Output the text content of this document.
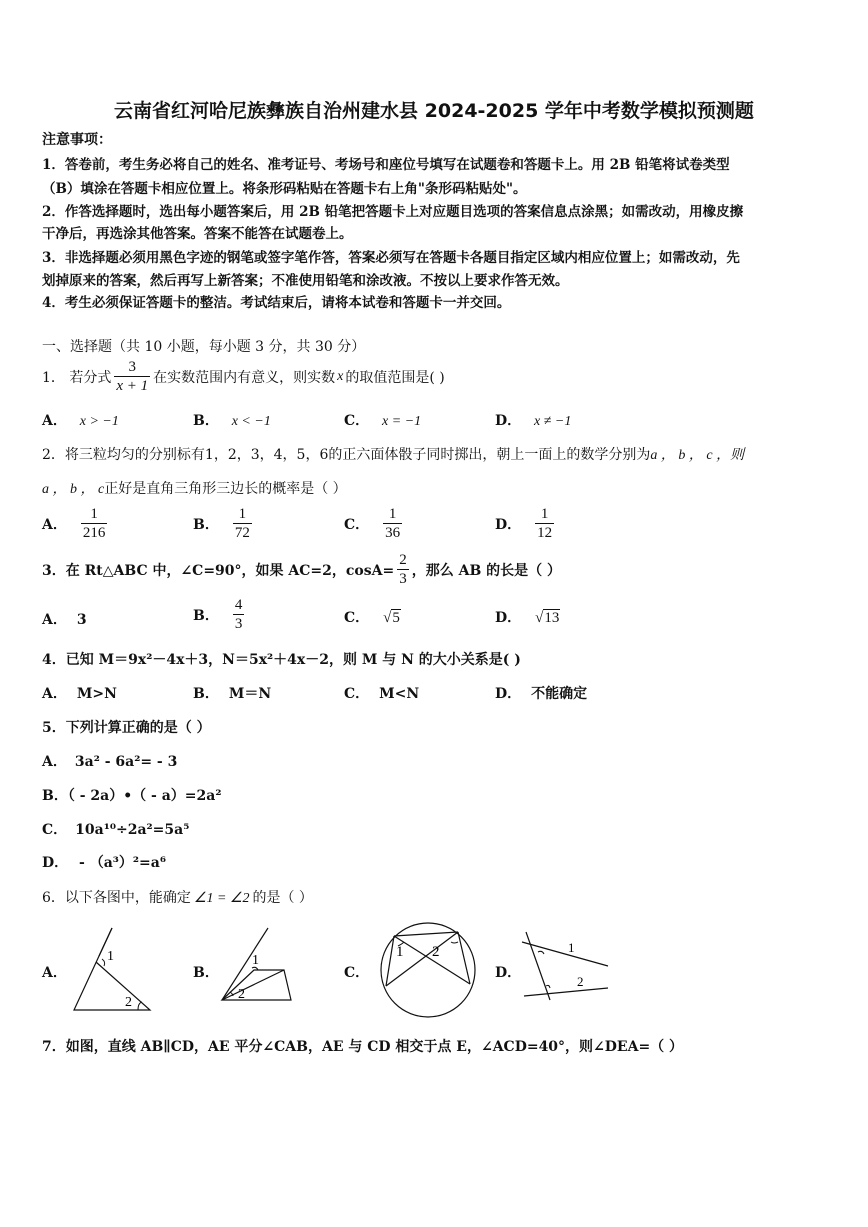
云南省红河哈尼族彝族自治州建水县 2024-2025 学年中考数学模拟预测题
注意事项：
1．答卷前，考生务必将自己的姓名、准考证号、考场号和座位号填写在试题卷和答题卡上。用 2B 铅笔将试卷类型
（B）填涂在答题卡相应位置上。将条形码粘贴在答题卡右上角"条形码粘贴处"。
2．作答选择题时，选出每小题答案后，用 2B 铅笔把答题卡上对应题目选项的答案信息点涂黑；如需改动，用橡皮擦
干净后，再选涂其他答案。答案不能答在试题卷上。
3．非选择题必须用黑色字迹的钢笔或签字笔作答，答案必须写在答题卡各题目指定区域内相应位置上；如需改动，先
划掉原来的答案，然后再写上新答案；不准使用铅笔和涂改液。不按以上要求作答无效。
4．考生必须保证答题卡的整洁。考试结束后，请将本试卷和答题卡一并交回。
一、选择题（共 10 小题，每小题 3 分，共 30 分）
1． 若分式 $\frac{3}{x + 1}$ 在实数范围内有意义，则实数 x 的取值范围是( )
A． x > −1	B． x < −1	C． x = −1	D． x ≠ −1
2．将三粒均匀的分别标有1，2，3，4，5，6的正六面体骰子同时掷出，朝上一面上的数学分别为a ， b ， c ，则
a ， b ， c正好是直角三角形三边长的概率是（ ）
A． $\frac{1}{216}$	B． $\frac{1}{72}$	C． $\frac{1}{36}$	D． $\frac{1}{12}$
3．在 Rt△ABC 中，∠C=90°，如果 AC=2，$\cos A= \frac{2}{3}$ ，那么 AB 的长是（ ）
A． 3	B． $\frac{4}{3}$	C． √5	D． √13
4．已知 M＝9x²－4x＋3，N＝5x²＋4x－2，则 M 与 N 的大小关系是( )
A． M>N	B． M＝N	C． M<N	D． 不能确定
5．下列计算正确的是（ ）
A． 3a² - 6a²= - 3
B．（ - 2a）•（ - a）=2a²
C． 10a¹⁰÷2a²=5a⁵
D． - （a³）²=a⁶
6．以下各图中，能确定 ∠1 = ∠2 的是（ ）
A．	B．	C．	D．
1
2
1
2
1 2	1
2
7．如图，直线 AB∥CD，AE 平分∠CAB，AE 与 CD 相交于点 E，∠ACD=40°，则∠DEA=（ ）
